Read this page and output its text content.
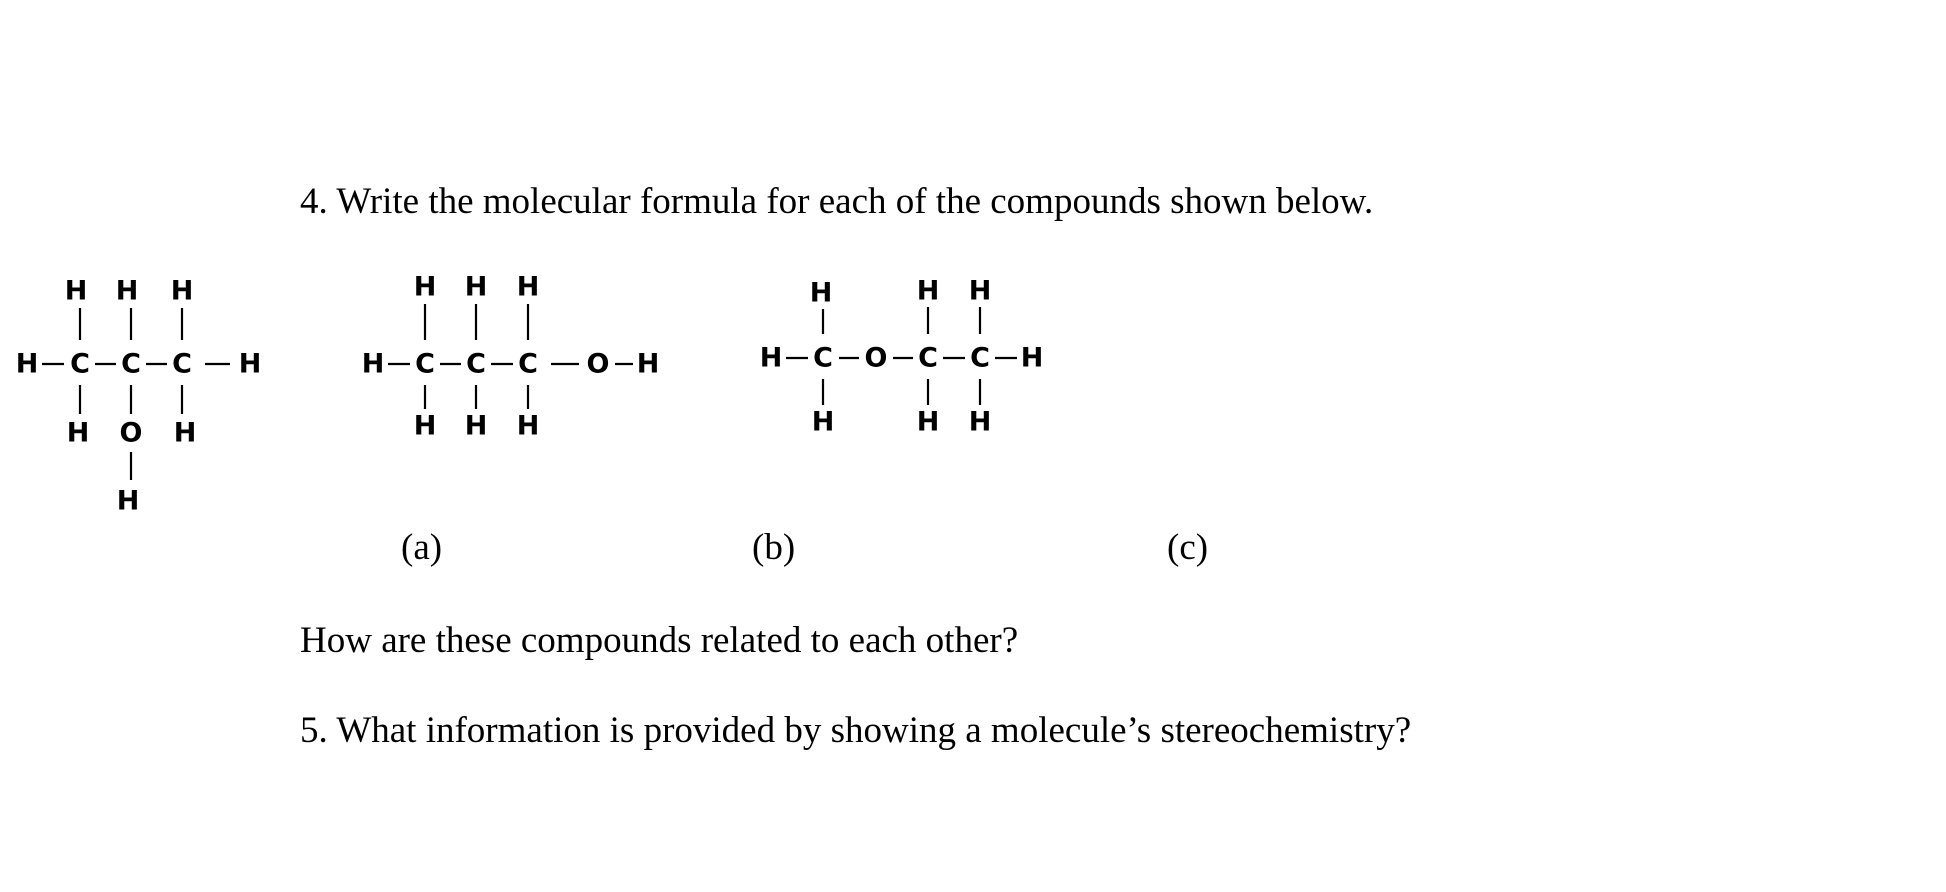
4. Write the molecular formula for each of the compounds shown below.

H H H
H C C C H
H O H
H
H H H
H C C C O H
H H H
H	H H
H C O C C H
H	H H
(a)	(b)	(c)

How are these compounds related to each other?

5. What information is provided by showing a molecule’s stereochemistry?
